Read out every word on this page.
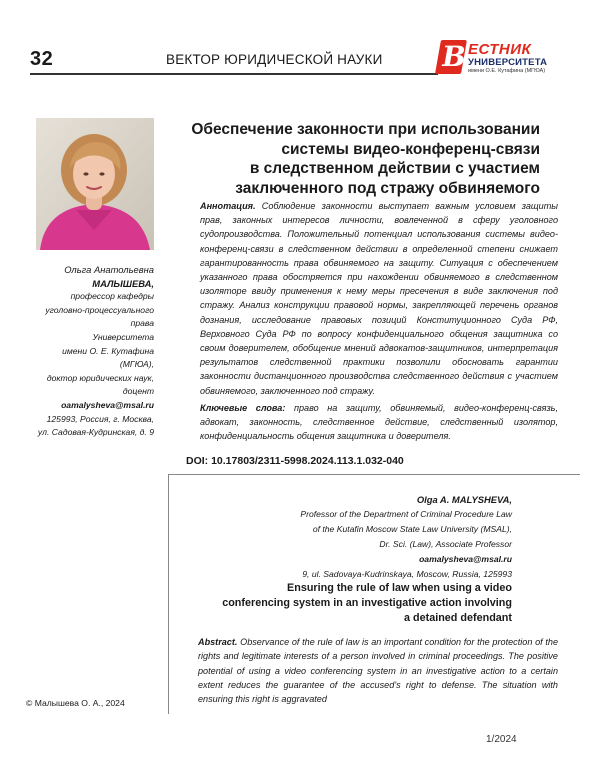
32	ВЕКТОР ЮРИДИЧЕСКОЙ НАУКИ В ЕСТНИК
УНИВЕРСИТЕТА
имени О.Е. Кутафина (МГЮА)
Ольга Анатольевна
МАЛЫШЕВА,
профессор кафедры
уголовно-процессуального
права
Университета
имени О. Е. Кутафина
(МГЮА),
доктор юридических наук,
доцент
oamalysheva@msal.ru
125993, Россия, г. Москва,
ул. Садовая-Кудринская, д. 9
Обеспечение законности при использовании
системы видео-конференц-связи
в следственном действии с участием
заключенного под стражу обвиняемого
Аннотация. Соблюдение законности выступает важным условием защиты прав, законных интересов личности, вовлеченной в сферу уголовного судопроизводства. Положительный потенциал использования системы видео-конференц-связи в следственном действии в определенной степени снижает гарантированность права обвиняемого на защиту. Ситуация с обеспечением указанного права обостряется при нахождении обвиняемого в следственном изоляторе ввиду применения к нему меры пресечения в виде заключения под стражу. Анализ конструкции правовой нормы, закрепляющей перечень органов дознания, исследование правовых позиций Конституционного Суда РФ, Верховного Суда РФ по вопросу конфиденциального общения защитника со своим доверителем, обобщение мнений адвокатов-защитников, интерпретация результатов следственной практики позволили обосновать гарантии законности дистанционного производства следственного действия с участием обвиняемого, заключенного под стражу.
Ключевые слова: право на защиту, обвиняемый, видео-конференц-связь, адвокат, законность, следственное действие, следственный изолятор, конфиденциальность общения защитника и доверителя.
DOI: 10.17803/2311-5998.2024.113.1.032-040
Olga A. MALYSHEVA,
Professor of the Department of Criminal Procedure Law
of the Kutafin Moscow State Law University (MSAL),
Dr. Sci. (Law), Associate Professor
oamalysheva@msal.ru
9, ul. Sadovaya-Kudrinskaya, Moscow, Russia, 125993
Ensuring the rule of law when using a video
conferencing system in an investigative action involving
a detained defendant
Abstract. Observance of the rule of law is an important condition for the protection of the rights and legitimate interests of a person involved in criminal proceedings. The positive potential of using a video conferencing system in an investigative action to a certain extent reduces the guarantee of the accused’s right to defense. The situation with ensuring this right is aggravated
© Малышева О. А., 2024
1/2024
